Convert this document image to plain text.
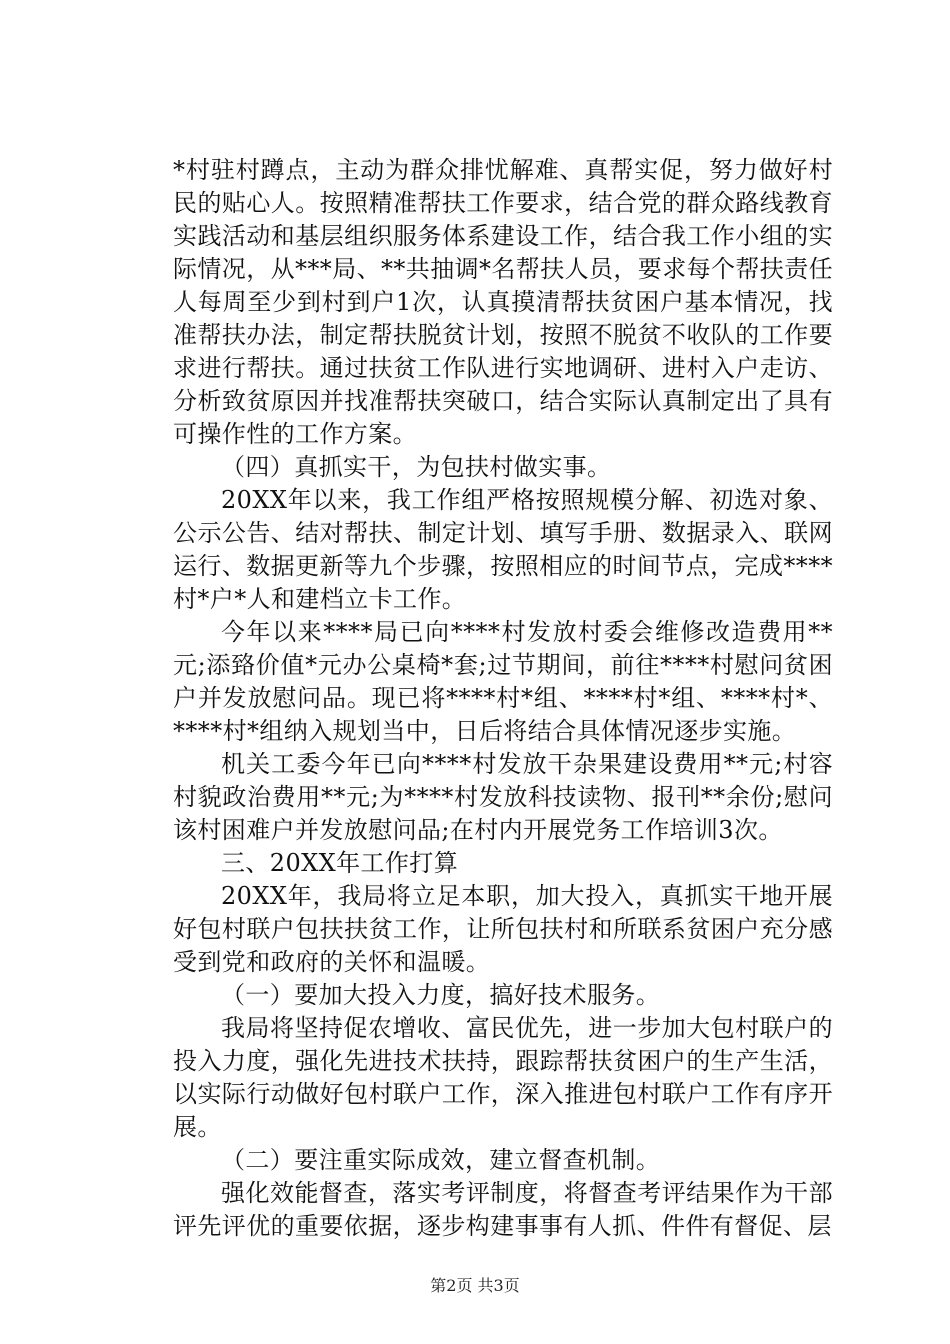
*村驻村蹲点，主动为群众排忧解难、真帮实促，努力做好村民的贴心人。按照精准帮扶工作要求，结合党的群众路线教育实践活动和基层组织服务体系建设工作，结合我工作小组的实际情况，从***局、**共抽调*名帮扶人员，要求每个帮扶责任人每周至少到村到户1次，认真摸清帮扶贫困户基本情况，找准帮扶办法，制定帮扶脱贫计划，按照不脱贫不收队的工作要求进行帮扶。通过扶贫工作队进行实地调研、进村入户走访、分析致贫原因并找准帮扶突破口，结合实际认真制定出了具有可操作性的工作方案。

（四）真抓实干，为包扶村做实事。

20XX年以来，我工作组严格按照规模分解、初选对象、公示公告、结对帮扶、制定计划、填写手册、数据录入、联网运行、数据更新等九个步骤，按照相应的时间节点，完成****村*户*人和建档立卡工作。

今年以来****局已向****村发放村委会维修改造费用**元;添臵价值*元办公桌椅*套;过节期间，前往****村慰问贫困户并发放慰问品。现已将****村*组、****村*组、****村*、****村*组纳入规划当中，日后将结合具体情况逐步实施。

机关工委今年已向****村发放干杂果建设费用**元;村容村貌政治费用**元;为****村发放科技读物、报刊**余份;慰问该村困难户并发放慰问品;在村内开展党务工作培训3次。

三、20XX年工作打算

20XX年，我局将立足本职，加大投入，真抓实干地开展好包村联户包扶扶贫工作，让所包扶村和所联系贫困户充分感受到党和政府的关怀和温暖。

（一）要加大投入力度，搞好技术服务。

我局将坚持促农增收、富民优先，进一步加大包村联户的投入力度，强化先进技术扶持，跟踪帮扶贫困户的生产生活，以实际行动做好包村联户工作，深入推进包村联户工作有序开展。

（二）要注重实际成效，建立督查机制。

强化效能督查，落实考评制度，将督查考评结果作为干部评先评优的重要依据，逐步构建事事有人抓、件件有督促、层

第2页 共3页
